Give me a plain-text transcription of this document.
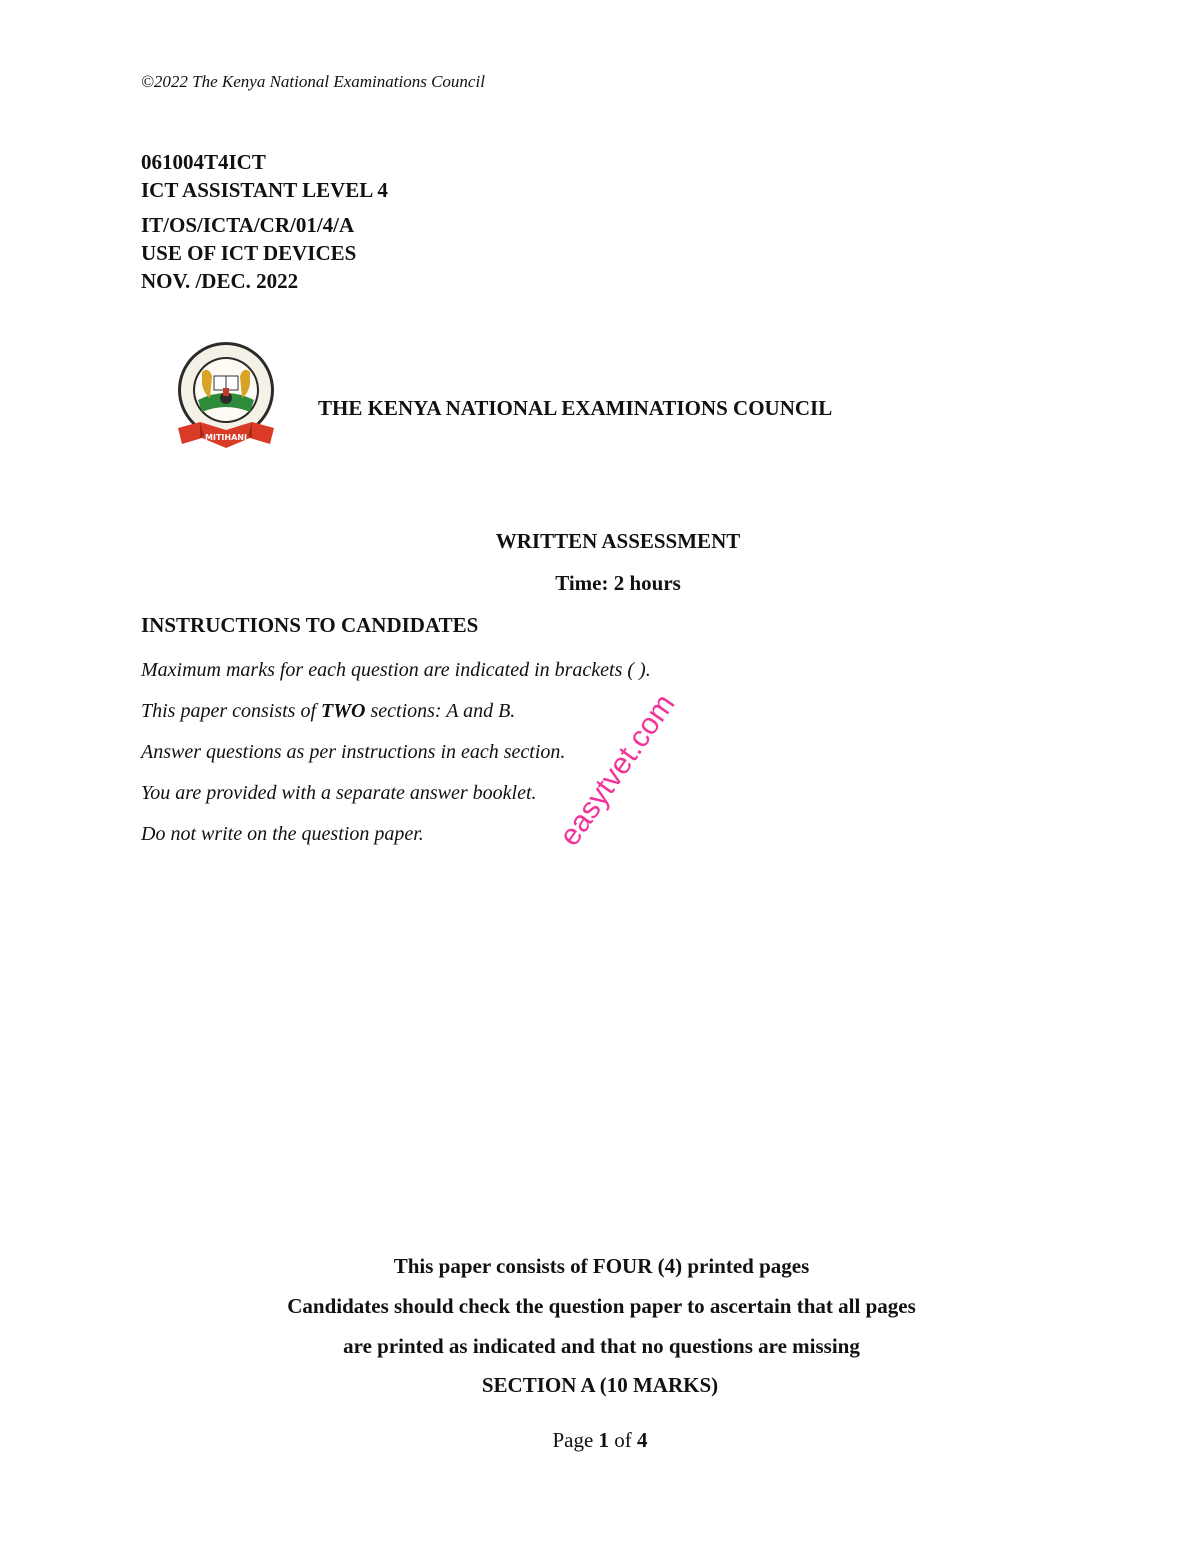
©2022 The Kenya National Examinations Council
061004T4ICT
ICT ASSISTANT LEVEL 4
IT/OS/ICTA/CR/01/4/A
USE OF ICT DEVICES
NOV. /DEC. 2022
MITIHANI
THE KENYA NATIONAL EXAMINATIONS COUNCIL
WRITTEN ASSESSMENT
Time: 2 hours
INSTRUCTIONS TO CANDIDATES
Maximum marks for each question are indicated in brackets ( ).
This paper consists of TWO sections: A and B.
Answer questions as per instructions in each section.
You are provided with a separate answer booklet.
Do not write on the question paper.	easytvet.com
This paper consists of FOUR (4) printed pages
Candidates should check the question paper to ascertain that all pages
are printed as indicated and that no questions are missing
SECTION A (10 MARKS)
Page 1 of 4
